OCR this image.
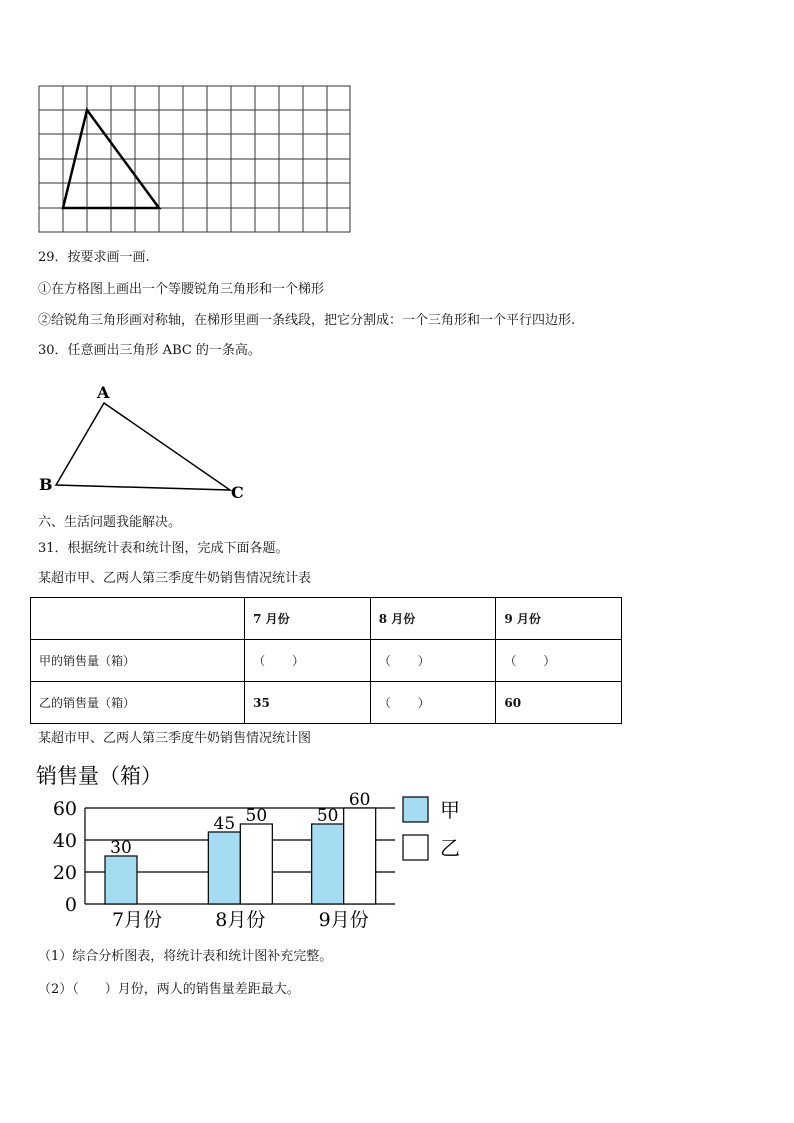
29．按要求画一画.
①在方格图上画出一个等腰锐角三角形和一个梯形
②给锐角三角形画对称轴，在梯形里画一条线段，把它分割成：一个三角形和一个平行四边形.
30．任意画出三角形 ABC 的一条高。
A
B	C
六、生活问题我能解决。
31．根据统计表和统计图，完成下面各题。
某超市甲、乙两人第三季度牛奶销售情况统计表
	7 月份	8 月份	9 月份
甲的销售量（箱）	（　　）	（　　）	（　　）
乙的销售量（箱）	35	（　　）	60
某超市甲、乙两人第三季度牛奶销售情况统计图
销售量（箱）
0
20
40
60
30
45 50	50
60
7月份	8月份	9月份
甲
乙
（1）综合分析图表，将统计表和统计图补充完整。
（2）（　　）月份，两人的销售量差距最大。
